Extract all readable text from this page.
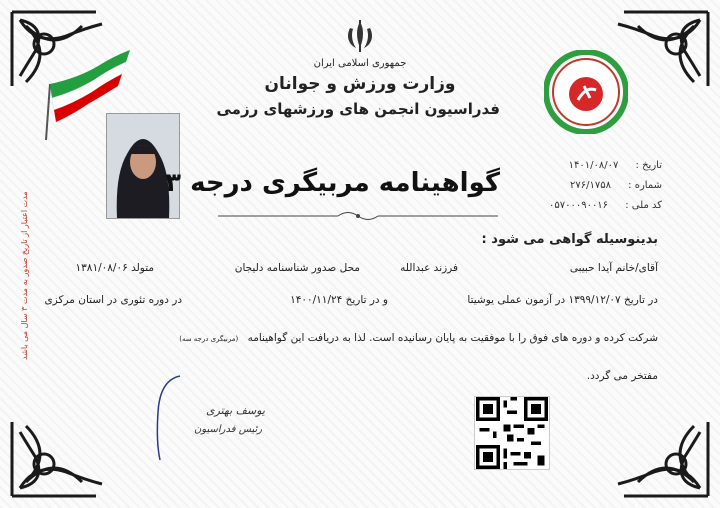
مدت اعتبار از تاریخ صدور به مدت ۳ سال می باشد
جمهوری اسلامی ایران
وزارت ورزش و جوانان
فدراسیون انجمن های ورزشهای رزمی
تاریخ : ۱۴۰۱/۰۸/۰۷
شماره : ۲۷۶/۱۷۵۸
کد ملی : ۰۵۷۰۰۰۹۰۰۱۶
گواهینامه مربیگری درجه ۳
بدینوسیله گواهی می شود :
آقای/خانم آیدا حبیبی
فرزند عبدالله
محل صدور شناسنامه دلیجان
متولد ۱۳۸۱/۰۸/۰۶
در تاریخ ۱۳۹۹/۱۲/۰۷ در آزمون عملی یوشیتا
و در تاریخ ۱۴۰۰/۱۱/۲۴
در دوره تئوری در استان مرکزی
شرکت کرده و دوره های فوق را با موفقیت به پایان رسانیده است. لذا به دریافت این گواهینامه (مربیگری درجه سه)
مفتخر می گردد.
یوسف بهتری
رئیس فدراسیون
